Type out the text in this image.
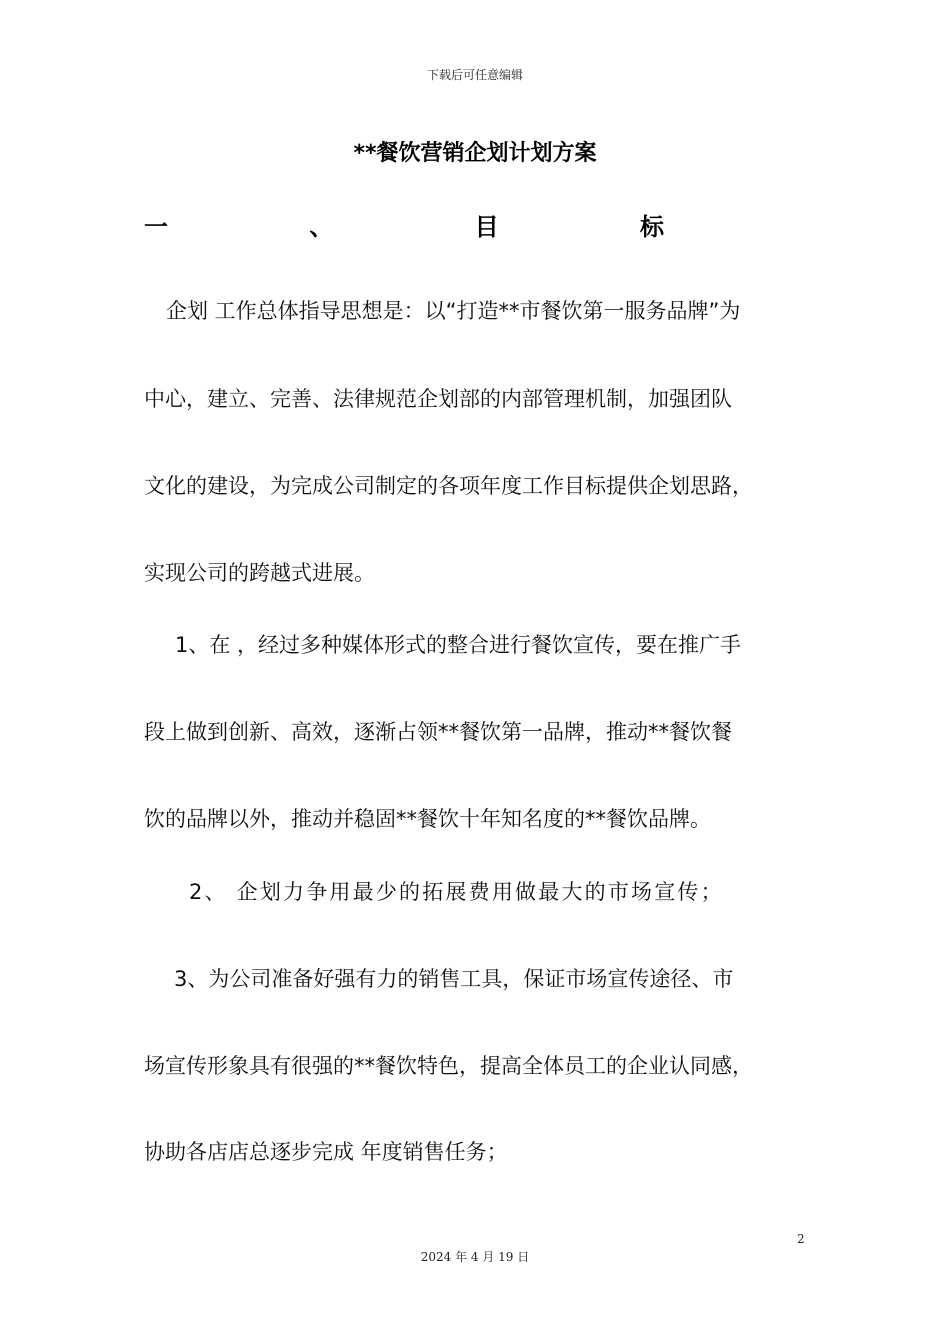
下载后可任意编辑
**餐饮营销企划计划方案
一	、	目	标
企划 工作总体指导思想是：以“打造**市餐饮第一服务品牌”为
中心，建立、完善、法律规范企划部的内部管理机制，加强团队
文化的建设，为完成公司制定的各项年度工作目标提供企划思路，
实现公司的跨越式进展。
1、在 ，经过多种媒体形式的整合进行餐饮宣传，要在推广手
段上做到创新、高效，逐渐占领**餐饮第一品牌，推动**餐饮餐
饮的品牌以外，推动并稳固**餐饮十年知名度的**餐饮品牌。
2、 企划力争用最少的拓展费用做最大的市场宣传；
3、为公司准备好强有力的销售工具，保证市场宣传途径、市
场宣传形象具有很强的**餐饮特色，提高全体员工的企业认同感，
协助各店店总逐步完成 年度销售任务；
2
2024 年 4 月 19 日
